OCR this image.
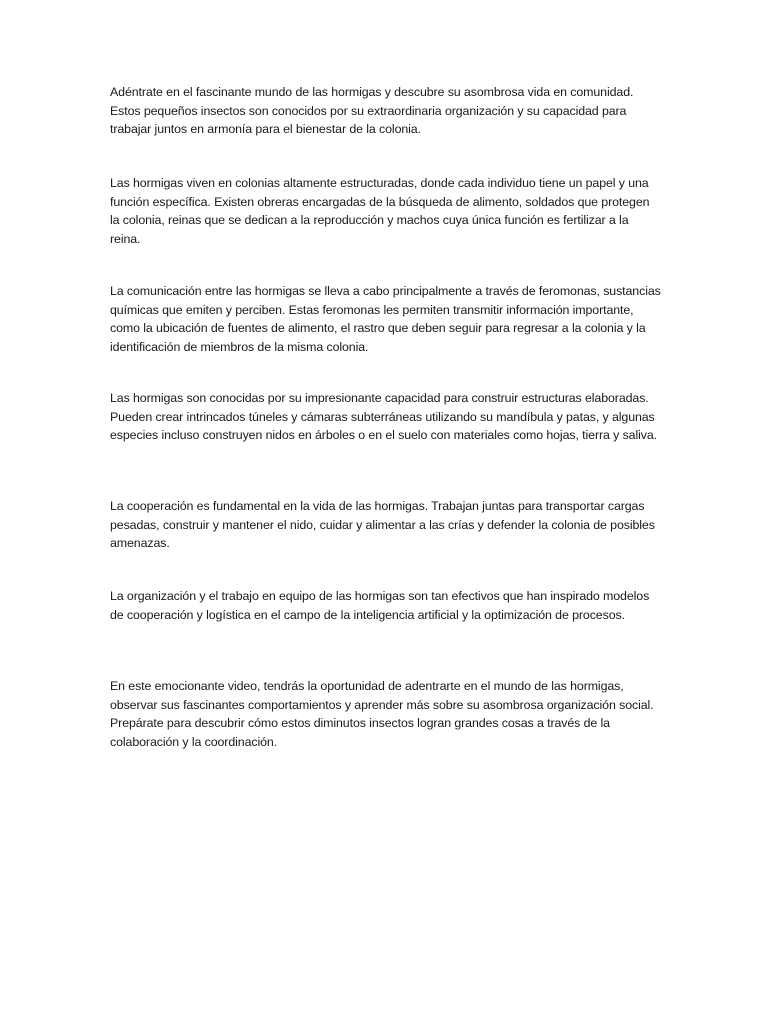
Adéntrate en el fascinante mundo de las hormigas y descubre su asombrosa vida en comunidad. Estos pequeños insectos son conocidos por su extraordinaria organización y su capacidad para trabajar juntos en armonía para el bienestar de la colonia.

Las hormigas viven en colonias altamente estructuradas, donde cada individuo tiene un papel y una función específica. Existen obreras encargadas de la búsqueda de alimento, soldados que protegen la colonia, reinas que se dedican a la reproducción y machos cuya única función es fertilizar a la reina.

La comunicación entre las hormigas se lleva a cabo principalmente a través de feromonas, sustancias químicas que emiten y perciben. Estas feromonas les permiten transmitir información importante, como la ubicación de fuentes de alimento, el rastro que deben seguir para regresar a la colonia y la identificación de miembros de la misma colonia.

Las hormigas son conocidas por su impresionante capacidad para construir estructuras elaboradas. Pueden crear intrincados túneles y cámaras subterráneas utilizando su mandíbula y patas, y algunas especies incluso construyen nidos en árboles o en el suelo con materiales como hojas, tierra y saliva.

La cooperación es fundamental en la vida de las hormigas. Trabajan juntas para transportar cargas pesadas, construir y mantener el nido, cuidar y alimentar a las crías y defender la colonia de posibles amenazas.

La organización y el trabajo en equipo de las hormigas son tan efectivos que han inspirado modelos de cooperación y logística en el campo de la inteligencia artificial y la optimización de procesos.

En este emocionante video, tendrás la oportunidad de adentrarte en el mundo de las hormigas, observar sus fascinantes comportamientos y aprender más sobre su asombrosa organización social. Prepárate para descubrir cómo estos diminutos insectos logran grandes cosas a través de la colaboración y la coordinación.
